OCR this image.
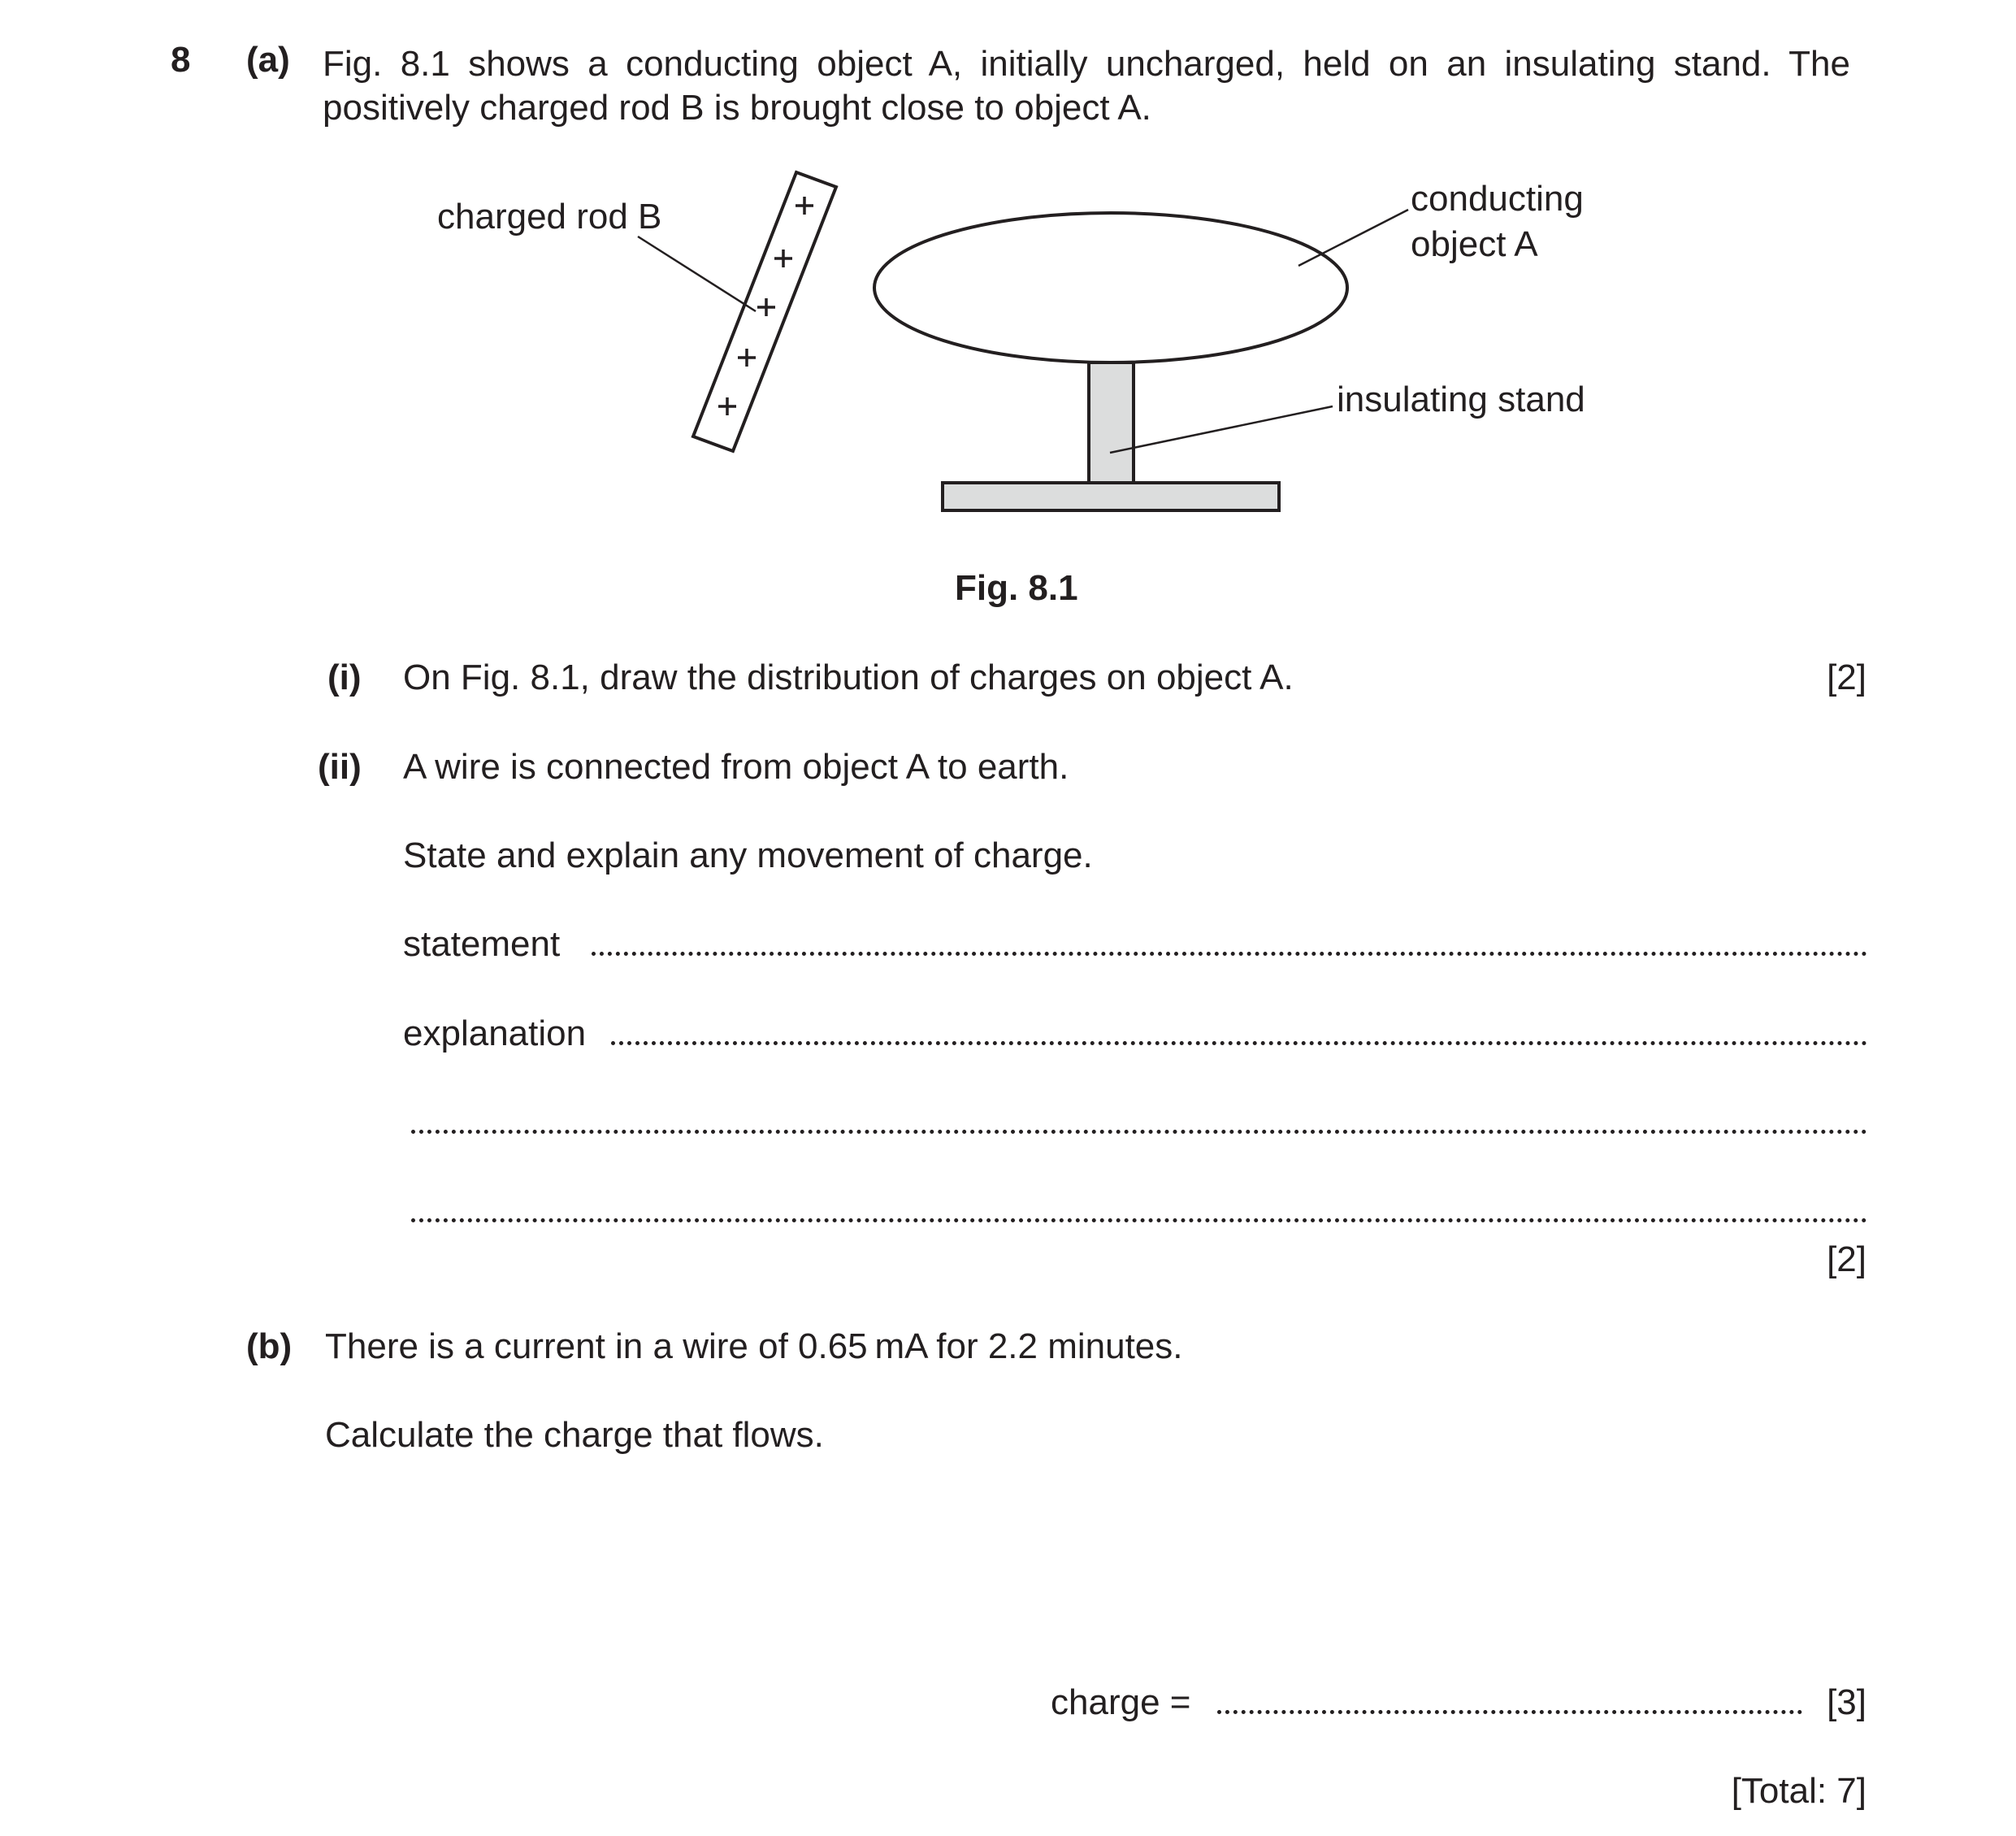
8 (a) Fig. 8.1 shows a conducting object A, initially uncharged, held on an insulating stand. The positively charged rod B is brought close to object A.
charged rod B	conducting
object A
insulating stand
Fig. 8.1
(i) On Fig. 8.1, draw the distribution of charges on object A.	[2]
(ii) A wire is connected from object A to earth.
State and explain any movement of charge.
statement
explanation
[2]
(b) There is a current in a wire of 0.65 mA for 2.2 minutes.
Calculate the charge that flows.
charge =	[3]
[Total: 7]
